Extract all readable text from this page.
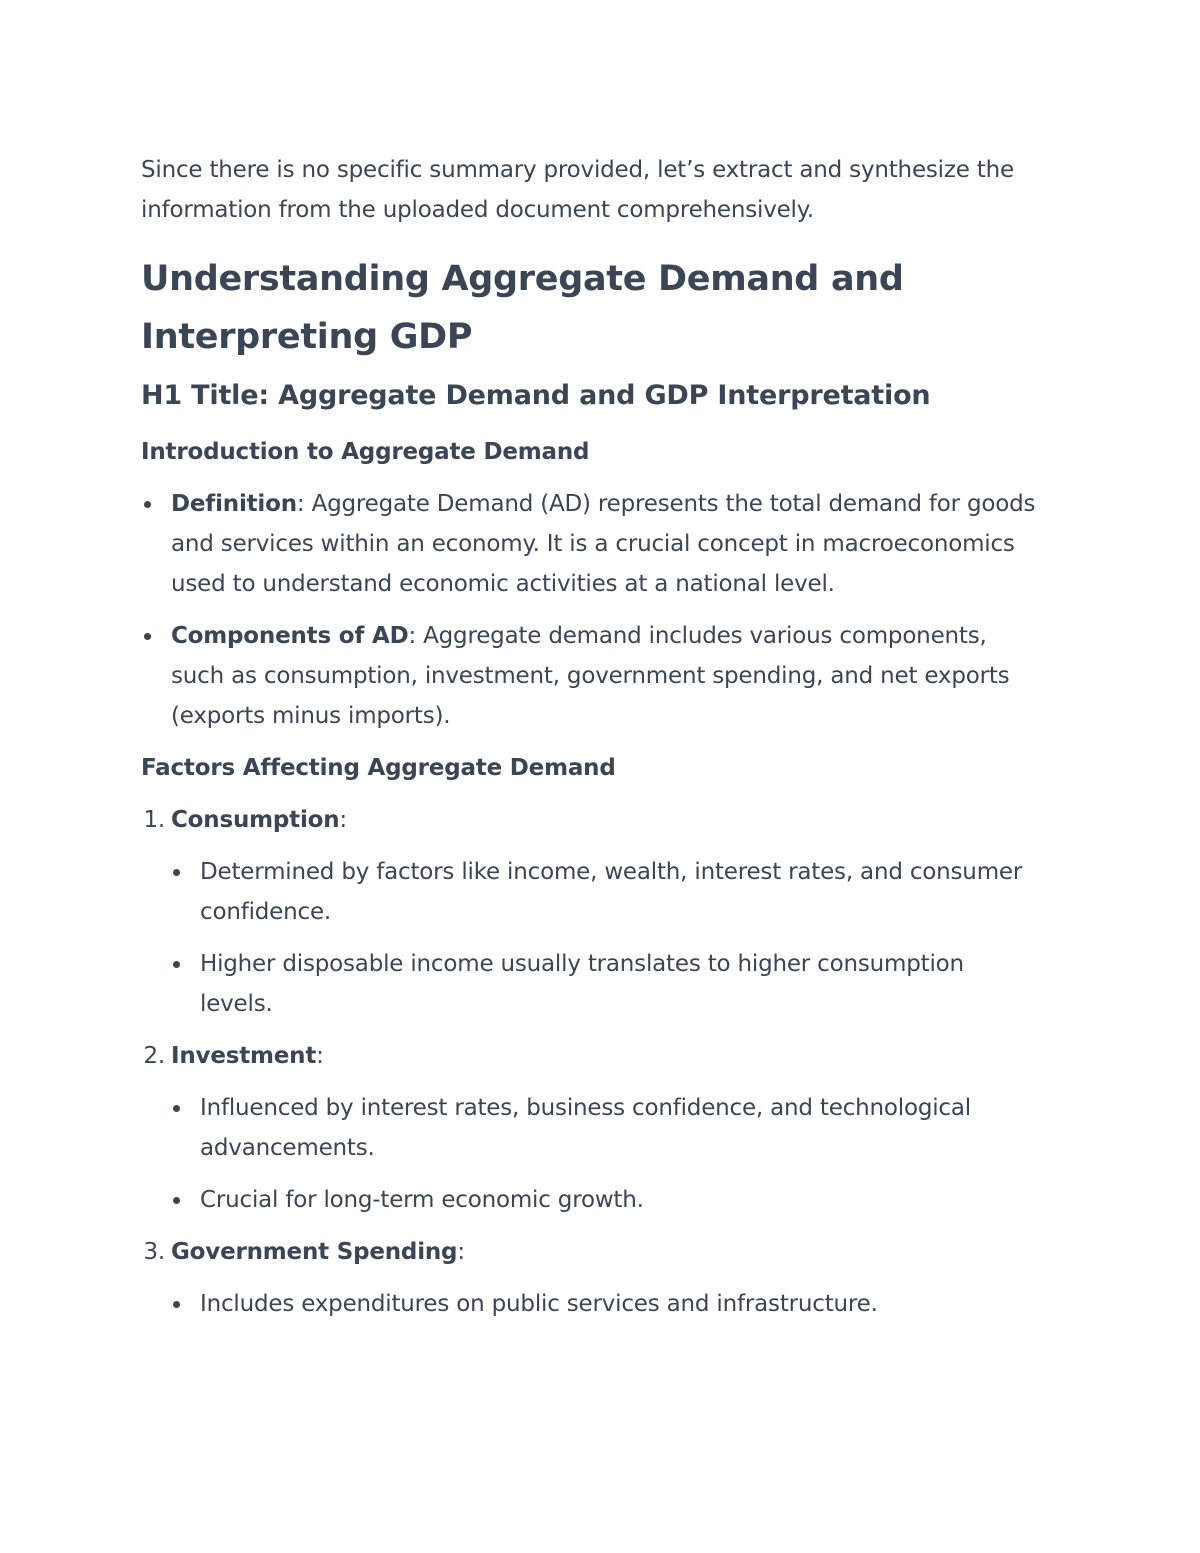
Since there is no specific summary provided, let’s extract and synthesize the information from the uploaded document comprehensively.

Understanding Aggregate Demand and Interpreting GDP
H1 Title: Aggregate Demand and GDP Interpretation
Introduction to Aggregate Demand
Definition: Aggregate Demand (AD) represents the total demand for goods and services within an economy. It is a crucial concept in macroeconomics used to understand economic activities at a national level.
Components of AD: Aggregate demand includes various components, such as consumption, investment, government spending, and net exports (exports minus imports).
Factors Affecting Aggregate Demand
1. Consumption:
Determined by factors like income, wealth, interest rates, and consumer confidence.
Higher disposable income usually translates to higher consumption levels.
2. Investment:
Influenced by interest rates, business confidence, and technological advancements.
Crucial for long-term economic growth.
3. Government Spending:
Includes expenditures on public services and infrastructure.
